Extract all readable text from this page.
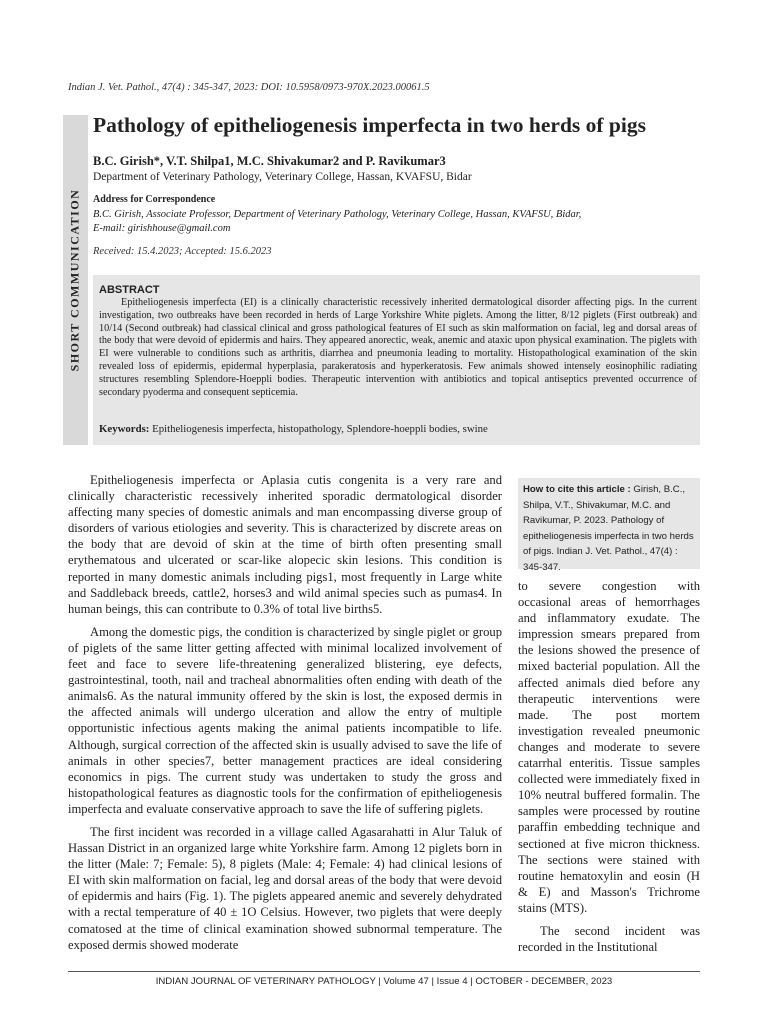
Indian J. Vet. Pathol., 47(4) : 345-347, 2023: DOI: 10.5958/0973-970X.2023.00061.5
SHORT COMMUNICATION
Pathology of epitheliogenesis imperfecta in two herds of pigs
B.C. Girish*, V.T. Shilpa1, M.C. Shivakumar2 and P. Ravikumar3
Department of Veterinary Pathology, Veterinary College, Hassan, KVAFSU, Bidar
Address for Correspondence
B.C. Girish, Associate Professor, Department of Veterinary Pathology, Veterinary College, Hassan, KVAFSU, Bidar,
E-mail: girishhouse@gmail.com
Received: 15.4.2023; Accepted: 15.6.2023
ABSTRACT
Epitheliogenesis imperfecta (EI) is a clinically characteristic recessively inherited dermatological disorder affecting pigs. In the current investigation, two outbreaks have been recorded in herds of Large Yorkshire White piglets. Among the litter, 8/12 piglets (First outbreak) and 10/14 (Second outbreak) had classical clinical and gross pathological features of EI such as skin malformation on facial, leg and dorsal areas of the body that were devoid of epidermis and hairs. They appeared anorectic, weak, anemic and ataxic upon physical examination. The piglets with EI were vulnerable to conditions such as arthritis, diarrhea and pneumonia leading to mortality. Histopathological examination of the skin revealed loss of epidermis, epidermal hyperplasia, parakeratosis and hyperkeratosis. Few animals showed intensely eosinophilic radiating structures resembling Splendore-Hoeppli bodies. Therapeutic intervention with antibiotics and topical antiseptics prevented occurrence of secondary pyoderma and consequent septicemia.
Keywords: Epitheliogenesis imperfecta, histopathology, Splendore-hoeppli bodies, swine

Epitheliogenesis imperfecta or Aplasia cutis congenita is a very rare and clinically characteristic recessively inherited sporadic dermatological disorder affecting many species of domestic animals and man encompassing diverse group of disorders of various etiologies and severity. This is characterized by discrete areas on the body that are devoid of skin at the time of birth often presenting small erythematous and ulcerated or scar-like alopecic skin lesions. This condition is reported in many domestic animals including pigs1, most frequently in Large white and Saddleback breeds, cattle2, horses3 and wild animal species such as pumas4. In human beings, this can contribute to 0.3% of total live births5.

Among the domestic pigs, the condition is characterized by single piglet or group of piglets of the same litter getting affected with minimal localized involvement of feet and face to severe life-threatening generalized blistering, eye defects, gastrointestinal, tooth, nail and tracheal abnormalities often ending with death of the animals6. As the natural immunity offered by the skin is lost, the exposed dermis in the affected animals will undergo ulceration and allow the entry of multiple opportunistic infectious agents making the animal patients incompatible to life. Although, surgical correction of the affected skin is usually advised to save the life of animals in other species7, better management practices are ideal considering economics in pigs. The current study was undertaken to study the gross and histopathological features as diagnostic tools for the confirmation of epitheliogenesis imperfecta and evaluate conservative approach to save the life of suffering piglets.

The first incident was recorded in a village called Agasarahatti in Alur Taluk of Hassan District in an organized large white Yorkshire farm. Among 12 piglets born in the litter (Male: 7; Female: 5), 8 piglets (Male: 4; Female: 4) had clinical lesions of EI with skin malformation on facial, leg and dorsal areas of the body that were devoid of epidermis and hairs (Fig. 1). The piglets appeared anemic and severely dehydrated with a rectal temperature of 40 ± 1O Celsius. However, two piglets that were deeply comatosed at the time of clinical examination showed subnormal temperature. The exposed dermis showed moderate

How to cite this article : Girish, B.C., Shilpa, V.T., Shivakumar, M.C. and Ravikumar, P. 2023. Pathology of epitheliogenesis imperfecta in two herds of pigs. Indian J. Vet. Pathol., 47(4) : 345-347.

to severe congestion with occasional areas of hemorrhages and inflammatory exudate. The impression smears prepared from the lesions showed the presence of mixed bacterial population. All the affected animals died before any therapeutic interventions were made. The post mortem investigation revealed pneumonic changes and moderate to severe catarrhal enteritis. Tissue samples collected were immediately fixed in 10% neutral buffered formalin. The samples were processed by routine paraffin embedding technique and sectioned at five micron thickness. The sections were stained with routine hematoxylin and eosin (H & E) and Masson's Trichrome stains (MTS).

The second incident was recorded in the Institutional

INDIAN JOURNAL OF VETERINARY PATHOLOGY | Volume 47 | Issue 4 | OCTOBER - DECEMBER, 2023
